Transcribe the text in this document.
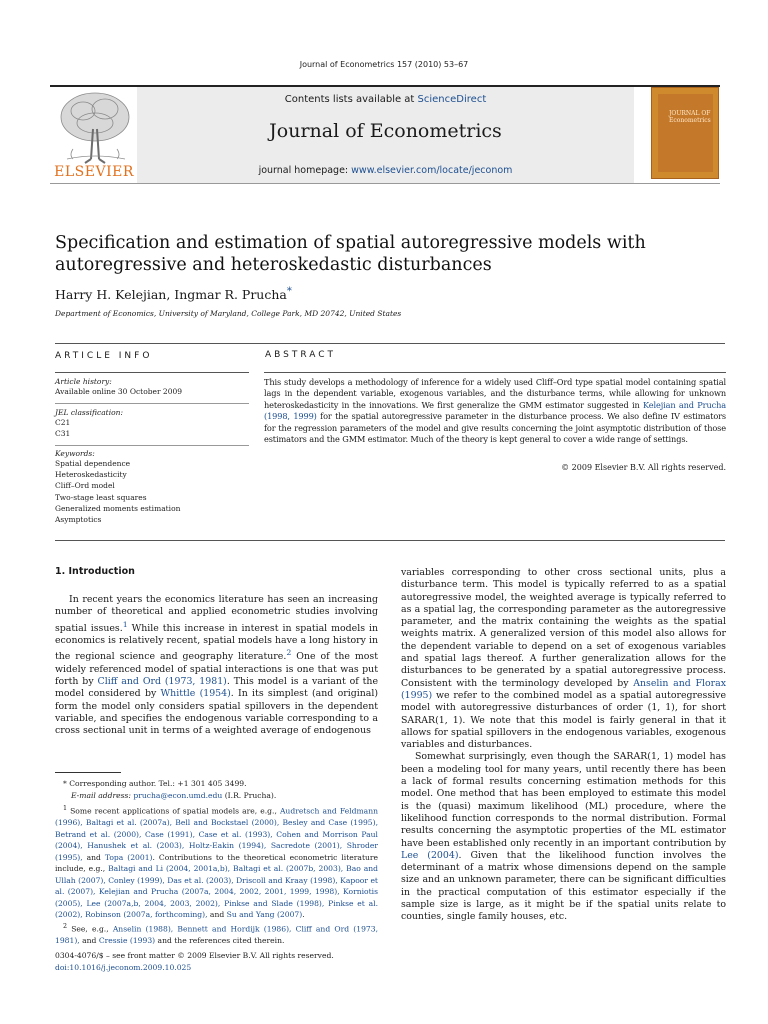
Journal of Econometrics 157 (2010) 53–67
ELSEVIER
Contents lists available at ScienceDirect
Journal of Econometrics
journal homepage: www.elsevier.com/locate/jeconom
JOURNAL OF Econometrics
Specification and estimation of spatial autoregressive models with autoregressive and heteroskedastic disturbances
Harry H. Kelejian, Ingmar R. Prucha*
Department of Economics, University of Maryland, College Park, MD 20742, United States
ARTICLE INFO	ABSTRACT
Article history:
Available online 30 October 2009
JEL classification:
C21
C31
Keywords:
Spatial dependence
Heteroskedasticity
Cliff–Ord model
Two-stage least squares
Generalized moments estimation
Asymptotics
This study develops a methodology of inference for a widely used Cliff–Ord type spatial model containing spatial lags in the dependent variable, exogenous variables, and the disturbance terms, while allowing for unknown heteroskedasticity in the innovations. We first generalize the GMM estimator suggested in Kelejian and Prucha (1998, 1999) for the spatial autoregressive parameter in the disturbance process. We also define IV estimators for the regression parameters of the model and give results concerning the joint asymptotic distribution of those estimators and the GMM estimator. Much of the theory is kept general to cover a wide range of settings.
© 2009 Elsevier B.V. All rights reserved.
1. Introduction
In recent years the economics literature has seen an increasing number of theoretical and applied econometric studies involving spatial issues.$^1$ While this increase in interest in spatial models in economics is relatively recent, spatial models have a long history in the regional science and geography literature.$^2$ One of the most widely referenced model of spatial interactions is one that was put forth by Cliff and Ord (1973, 1981). This model is a variant of the model considered by Whittle (1954). In its simplest (and original) form the model only considers spatial spillovers in the dependent variable, and specifies the endogenous variable corresponding to a cross sectional unit in terms of a weighted average of endogenous
* Corresponding author. Tel.: +1 301 405 3499.
E-mail address: prucha@econ.umd.edu (I.R. Prucha).
$^1$ Some recent applications of spatial models are, e.g., Audretsch and Feldmann (1996), Baltagi et al. (2007a), Bell and Bockstael (2000), Besley and Case (1995), Betrand et al. (2000), Case (1991), Case et al. (1993), Cohen and Morrison Paul (2004), Hanushek et al. (2003), Holtz-Eakin (1994), Sacredote (2001), Shroder (1995), and Topa (2001). Contributions to the theoretical econometric literature include, e.g., Baltagi and Li (2004, 2001a,b), Baltagi et al. (2007b, 2003), Bao and Ullah (2007), Conley (1999), Das et al. (2003), Driscoll and Kraay (1998), Kapoor et al. (2007), Kelejian and Prucha (2007a, 2004, 2002, 2001, 1999, 1998), Korniotis (2005), Lee (2007a,b, 2004, 2003, 2002), Pinkse and Slade (1998), Pinkse et al. (2002), Robinson (2007a, forthcoming), and Su and Yang (2007).
$^2$ See, e.g., Anselin (1988), Bennett and Hordijk (1986), Cliff and Ord (1973, 1981), and Cressie (1993) and the references cited therein.
0304-4076/$ – see front matter © 2009 Elsevier B.V. All rights reserved.
doi:10.1016/j.jeconom.2009.10.025

variables corresponding to other cross sectional units, plus a disturbance term. This model is typically referred to as a spatial autoregressive model, the weighted average is typically referred to as a spatial lag, the corresponding parameter as the autoregressive parameter, and the matrix containing the weights as the spatial weights matrix. A generalized version of this model also allows for the dependent variable to depend on a set of exogenous variables and spatial lags thereof. A further generalization allows for the disturbances to be generated by a spatial autoregressive process. Consistent with the terminology developed by Anselin and Florax (1995) we refer to the combined model as a spatial autoregressive model with autoregressive disturbances of order (1, 1), for short SARAR(1, 1). We note that this model is fairly general in that it allows for spatial spillovers in the endogenous variables, exogenous variables and disturbances.

Somewhat surprisingly, even though the SARAR(1, 1) model has been a modeling tool for many years, until recently there has been a lack of formal results concerning estimation methods for this model. One method that has been employed to estimate this model is the (quasi) maximum likelihood (ML) procedure, where the likelihood function corresponds to the normal distribution. Formal results concerning the asymptotic properties of the ML estimator have been established only recently in an important contribution by Lee (2004). Given that the likelihood function involves the determinant of a matrix whose dimensions depend on the sample size and an unknown parameter, there can be significant difficulties in the practical computation of this estimator especially if the sample size is large, as it might be if the spatial units relate to counties, single family houses, etc.
